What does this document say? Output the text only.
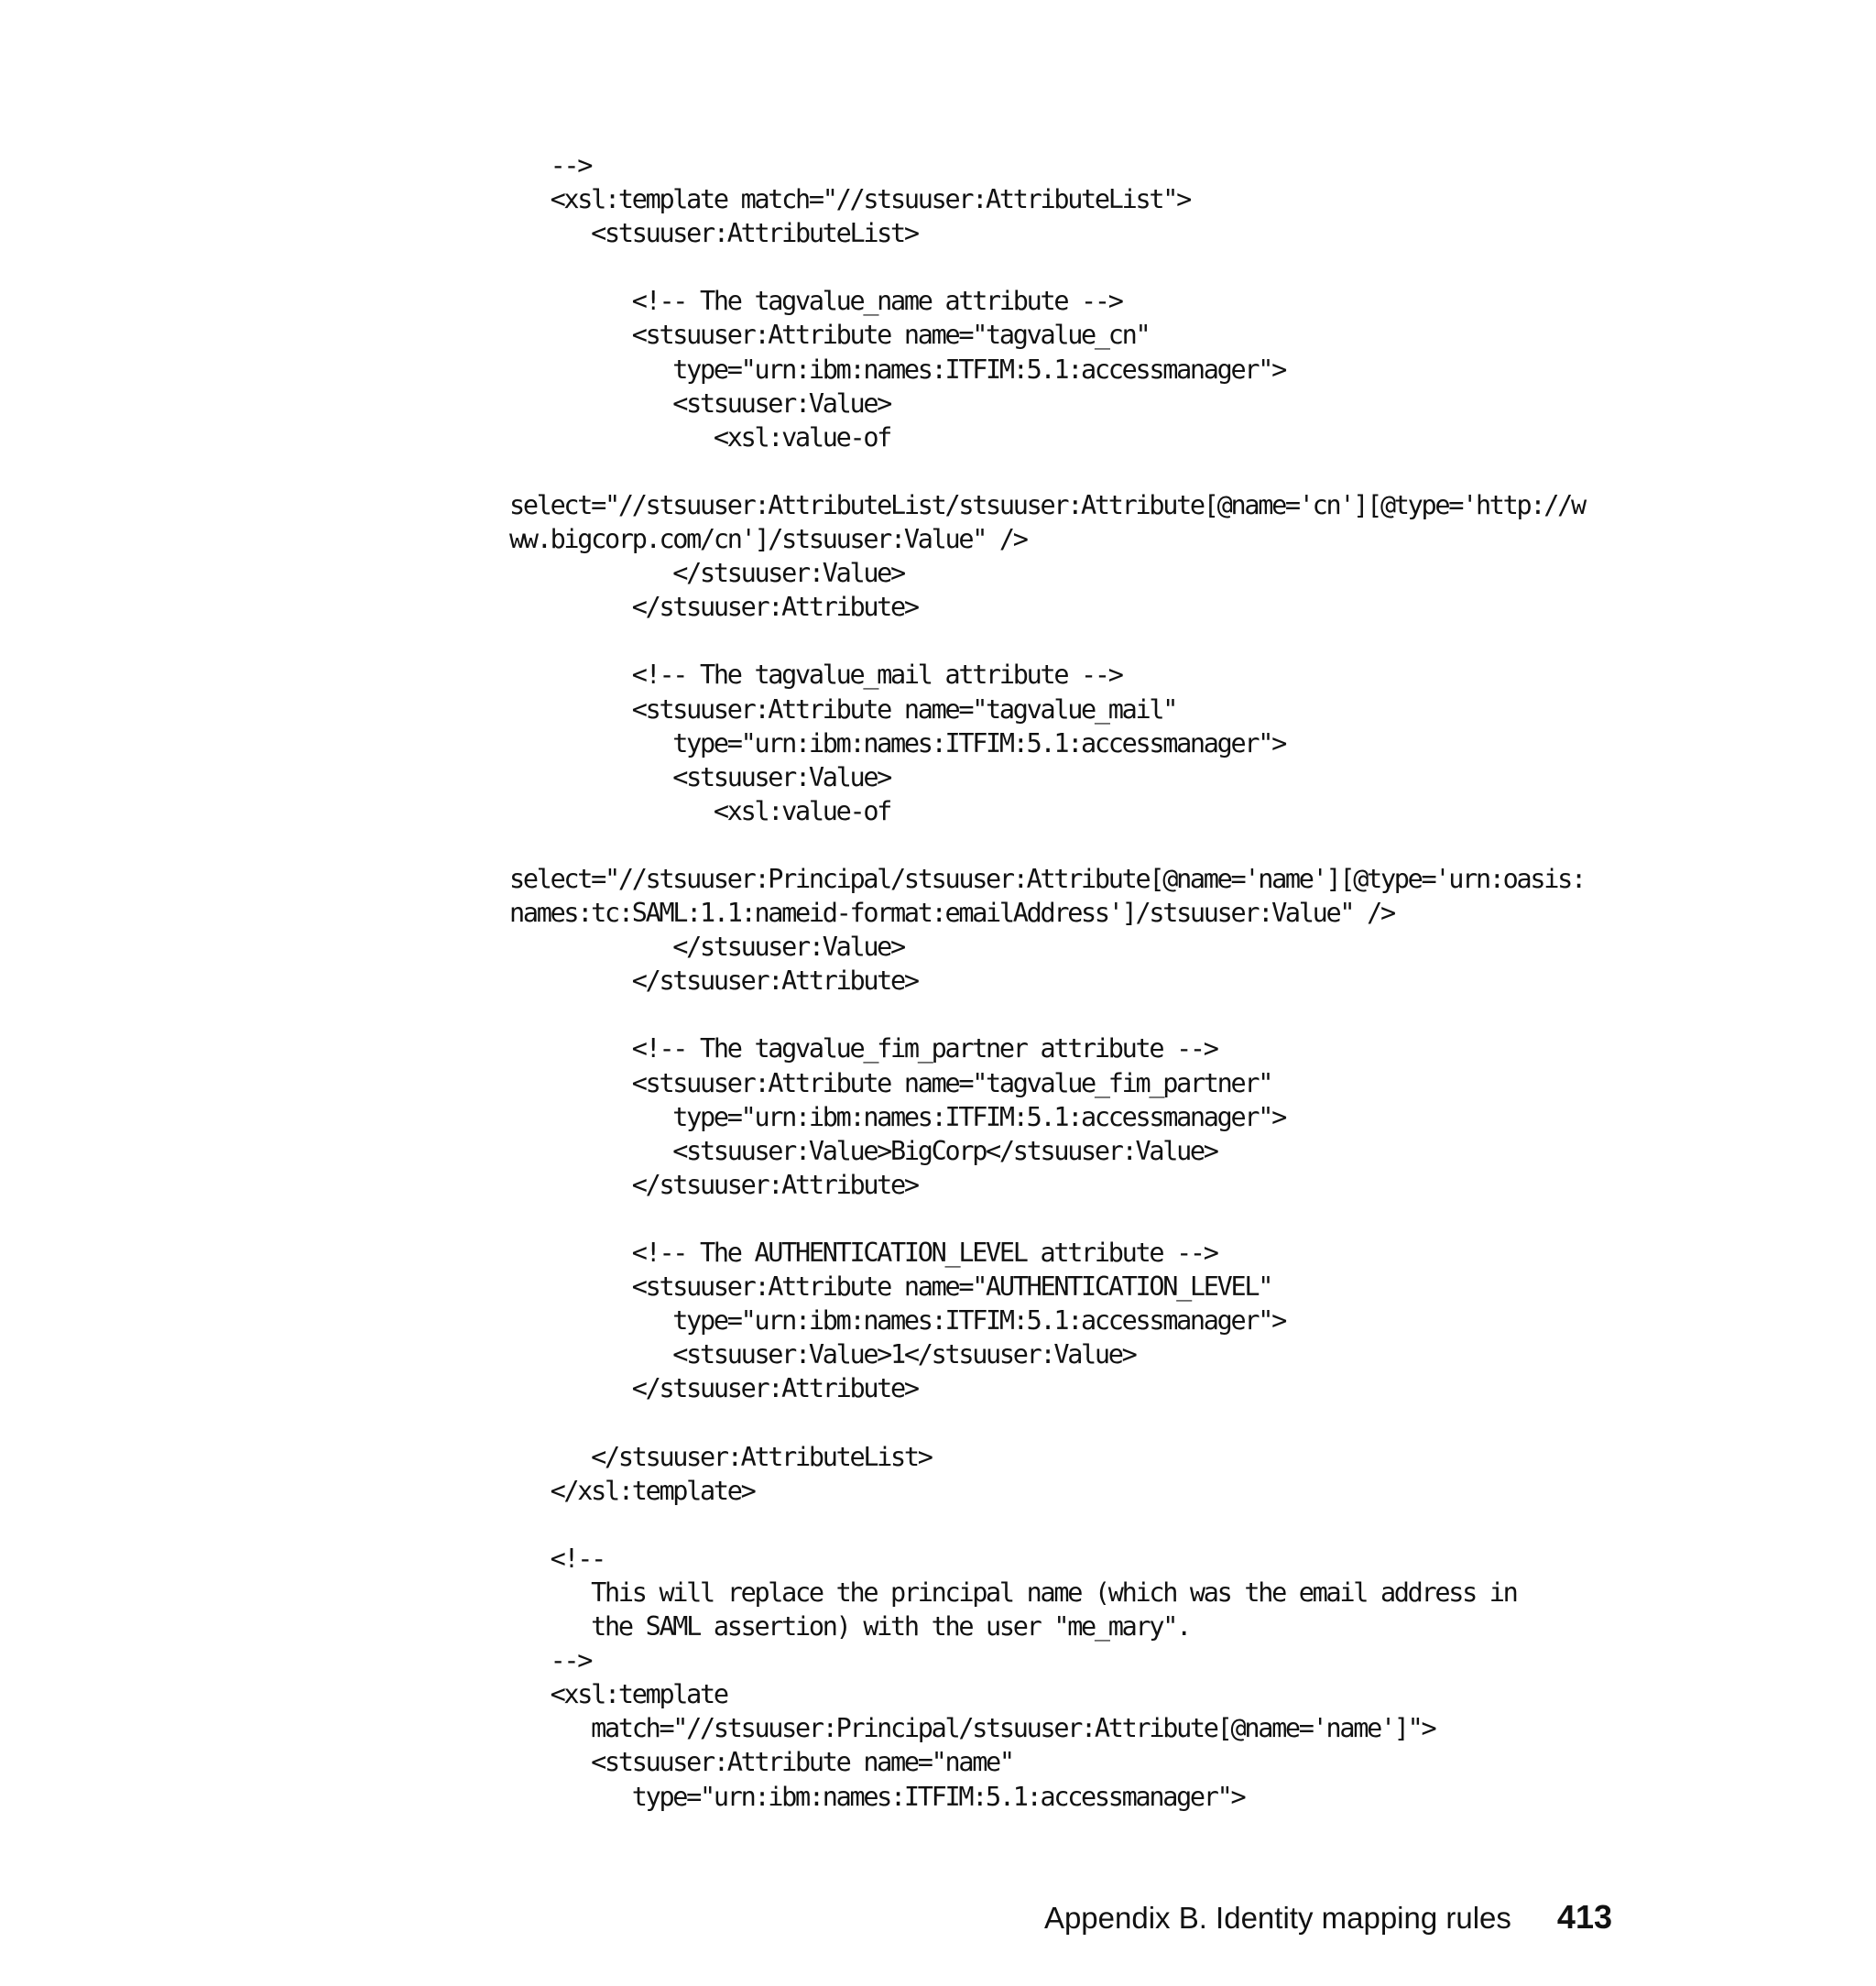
-->
<xsl:template match="//stsuuser:AttributeList">
<stsuuser:AttributeList>
<!-- The tagvalue_name attribute -->
<stsuuser:Attribute name="tagvalue_cn"
type="urn:ibm:names:ITFIM:5.1:accessmanager">
<stsuuser:Value>
<xsl:value-of
select="//stsuuser:AttributeList/stsuuser:Attribute[@name='cn'][@type='http://w
ww.bigcorp.com/cn']/stsuuser:Value" />
</stsuuser:Value>
</stsuuser:Attribute>
<!-- The tagvalue_mail attribute -->
<stsuuser:Attribute name="tagvalue_mail"
type="urn:ibm:names:ITFIM:5.1:accessmanager">
<stsuuser:Value>
<xsl:value-of
select="//stsuuser:Principal/stsuuser:Attribute[@name='name'][@type='urn:oasis:
names:tc:SAML:1.1:nameid-format:emailAddress']/stsuuser:Value" />
</stsuuser:Value>
</stsuuser:Attribute>
<!-- The tagvalue_fim_partner attribute -->
<stsuuser:Attribute name="tagvalue_fim_partner"
type="urn:ibm:names:ITFIM:5.1:accessmanager">
<stsuuser:Value>BigCorp</stsuuser:Value>
</stsuuser:Attribute>
<!-- The AUTHENTICATION_LEVEL attribute -->
<stsuuser:Attribute name="AUTHENTICATION_LEVEL"
type="urn:ibm:names:ITFIM:5.1:accessmanager">
<stsuuser:Value>1</stsuuser:Value>
</stsuuser:Attribute>
</stsuuser:AttributeList>
</xsl:template>
<!--
This will replace the principal name (which was the email address in
the SAML assertion) with the user "me_mary".
-->
<xsl:template
match="//stsuuser:Principal/stsuuser:Attribute[@name='name']">
<stsuuser:Attribute name="name"
type="urn:ibm:names:ITFIM:5.1:accessmanager">
Appendix B. Identity mapping rules 413
